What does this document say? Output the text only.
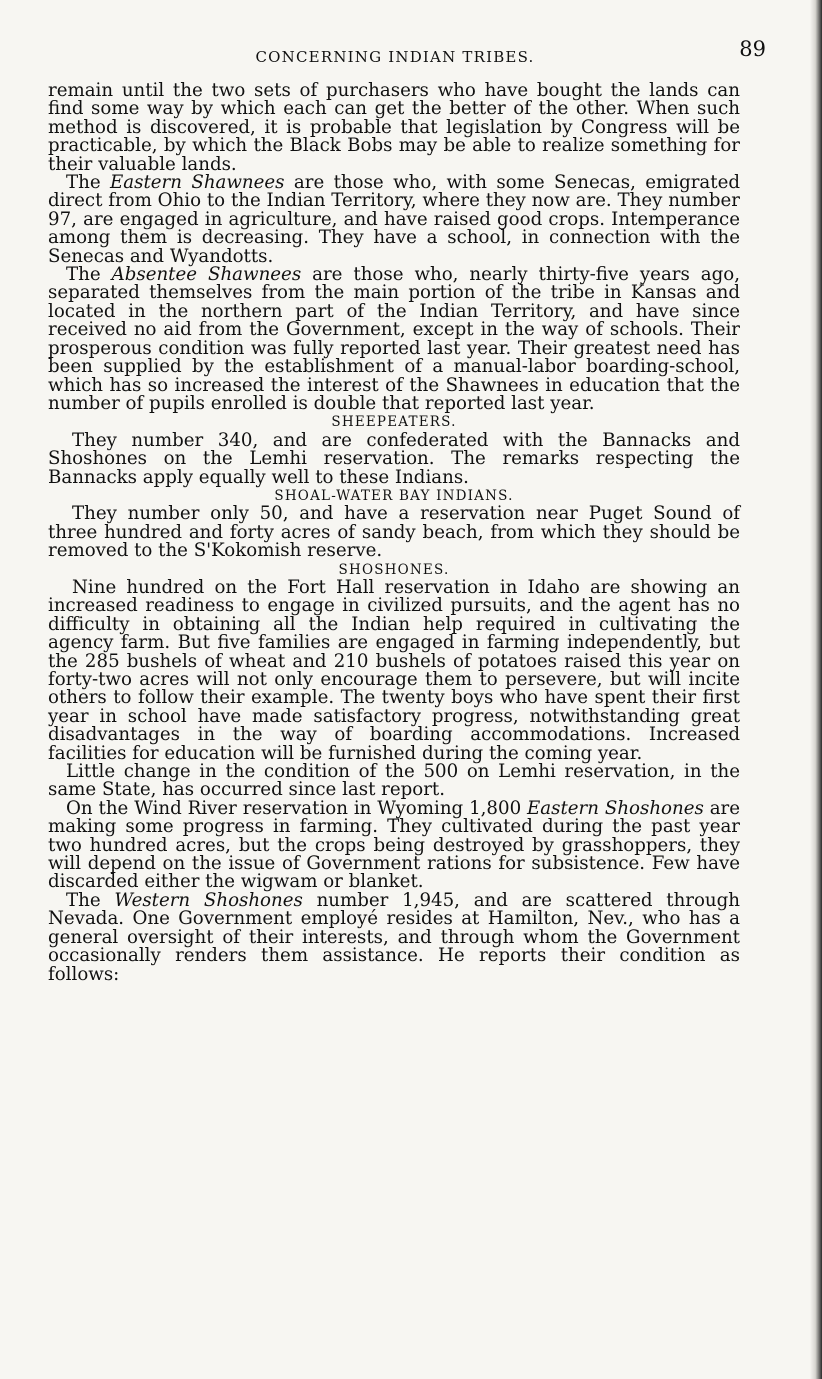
CONCERNING INDIAN TRIBES.	89

remain until the two sets of purchasers who have bought the lands can find some way by which each can get the better of the other. When such method is discovered, it is probable that legislation by Congress will be practicable, by which the Black Bobs may be able to realize something for their valuable lands.

The Eastern Shawnees are those who, with some Senecas, emigrated direct from Ohio to the Indian Territory, where they now are. They number 97, are engaged in agriculture, and have raised good crops. Intemperance among them is decreasing. They have a school, in connection with the Senecas and Wyandotts.

The Absentee Shawnees are those who, nearly thirty-five years ago, separated themselves from the main portion of the tribe in Kansas and located in the northern part of the Indian Territory, and have since received no aid from the Government, except in the way of schools. Their prosperous condition was fully reported last year. Their greatest need has been supplied by the establishment of a manual-labor boarding-school, which has so increased the interest of the Shawnees in education that the number of pupils enrolled is double that reported last year.

SHEEPEATERS.

They number 340, and are confederated with the Bannacks and Shoshones on the Lemhi reservation. The remarks respecting the Bannacks apply equally well to these Indians.

SHOAL-WATER BAY INDIANS.

They number only 50, and have a reservation near Puget Sound of three hundred and forty acres of sandy beach, from which they should be removed to the S'Kokomish reserve.

SHOSHONES.

Nine hundred on the Fort Hall reservation in Idaho are showing an increased readiness to engage in civilized pursuits, and the agent has no difficulty in obtaining all the Indian help required in cultivating the agency farm. But five families are engaged in farming independently, but the 285 bushels of wheat and 210 bushels of potatoes raised this year on forty-two acres will not only encourage them to persevere, but will incite others to follow their example. The twenty boys who have spent their first year in school have made satisfactory progress, notwithstanding great disadvantages in the way of boarding accommodations. Increased facilities for education will be furnished during the coming year.

Little change in the condition of the 500 on Lemhi reservation, in the same State, has occurred since last report.

On the Wind River reservation in Wyoming 1,800 Eastern Shoshones are making some progress in farming. They cultivated during the past year two hundred acres, but the crops being destroyed by grasshoppers, they will depend on the issue of Government rations for subsistence. Few have discarded either the wigwam or blanket.

The Western Shoshones number 1,945, and are scattered through Nevada. One Government employé resides at Hamilton, Nev., who has a general oversight of their interests, and through whom the Government occasionally renders them assistance. He reports their condition as follows:
